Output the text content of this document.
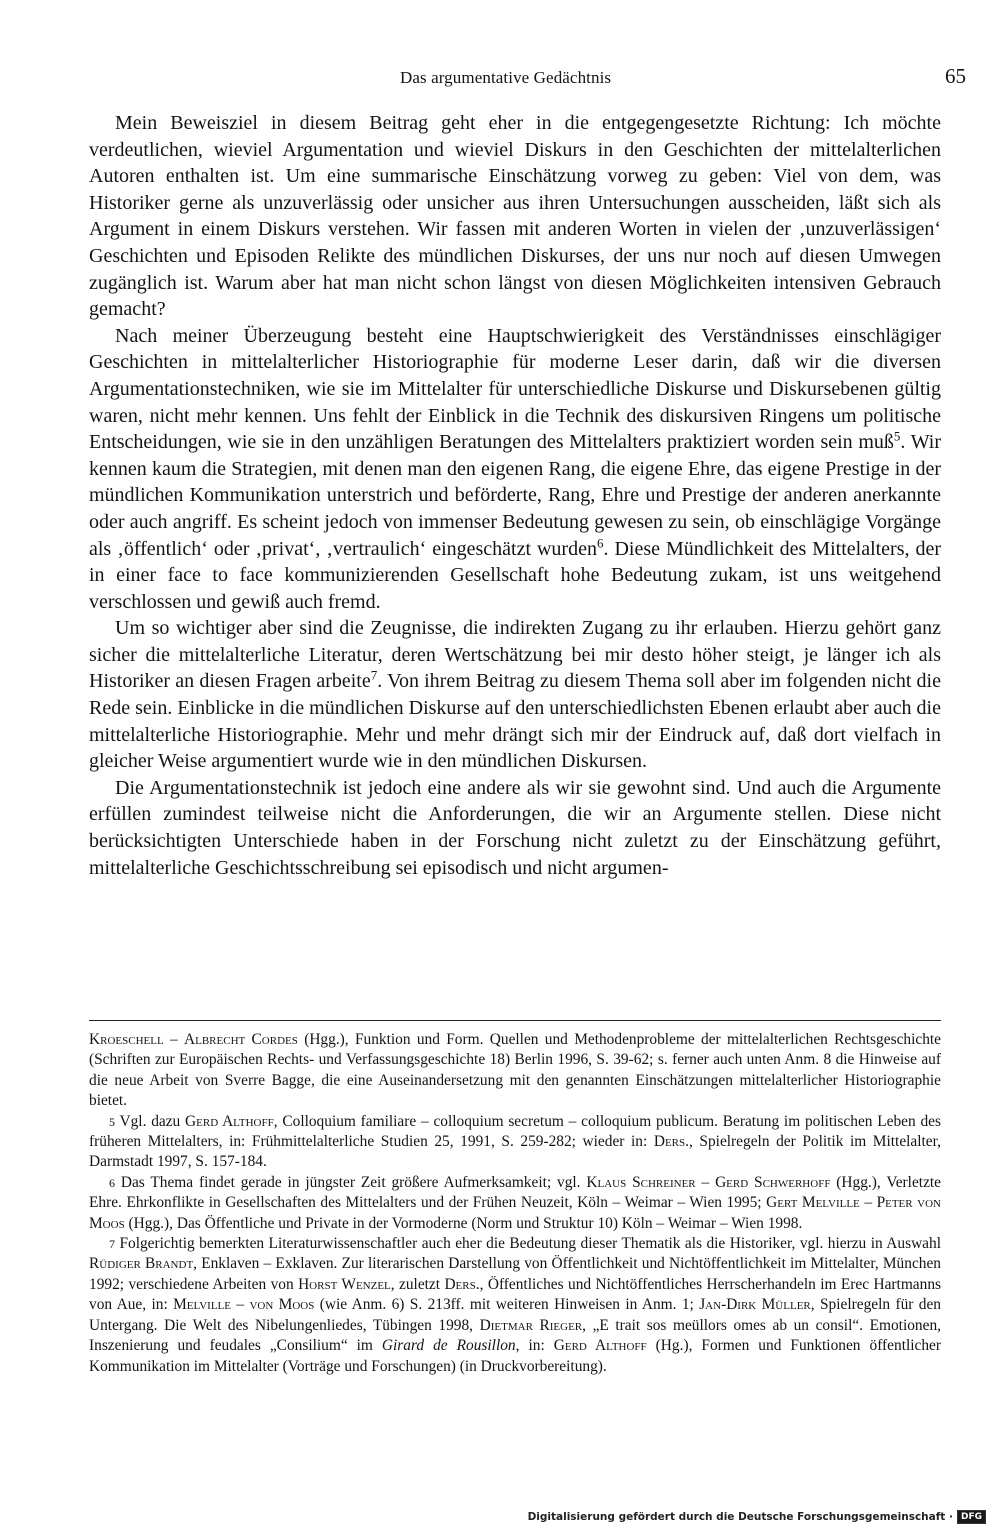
Das argumentative Gedächtnis	65

Mein Beweisziel in diesem Beitrag geht eher in die entgegengesetzte Richtung: Ich möchte verdeutlichen, wieviel Argumentation und wieviel Diskurs in den Geschichten der mittelalterlichen Autoren enthalten ist. Um eine summarische Einschätzung vorweg zu geben: Viel von dem, was Historiker gerne als unzuverlässig oder unsicher aus ihren Untersuchungen ausscheiden, läßt sich als Argument in einem Diskurs verstehen. Wir fassen mit anderen Worten in vielen der ‚unzuverlässigen‘ Geschichten und Episoden Relikte des mündlichen Diskurses, der uns nur noch auf diesen Umwegen zugänglich ist. Warum aber hat man nicht schon längst von diesen Möglichkeiten intensiven Gebrauch gemacht?

Nach meiner Überzeugung besteht eine Hauptschwierigkeit des Verständnisses einschlägiger Geschichten in mittelalterlicher Historiographie für moderne Leser darin, daß wir die diversen Argumentationstechniken, wie sie im Mittelalter für unterschiedliche Diskurse und Diskursebenen gültig waren, nicht mehr kennen. Uns fehlt der Einblick in die Technik des diskursiven Ringens um politische Entscheidungen, wie sie in den unzähligen Beratungen des Mittelalters praktiziert worden sein muß$^5$. Wir kennen kaum die Strategien, mit denen man den eigenen Rang, die eigene Ehre, das eigene Prestige in der mündlichen Kommunikation unterstrich und beförderte, Rang, Ehre und Prestige der anderen anerkannte oder auch angriff. Es scheint jedoch von immenser Bedeutung gewesen zu sein, ob einschlägige Vorgänge als ‚öffentlich‘ oder ‚privat‘, ‚vertraulich‘ eingeschätzt wurden$^6$. Diese Mündlichkeit des Mittelalters, der in einer face to face kommunizierenden Gesellschaft hohe Bedeutung zukam, ist uns weitgehend verschlossen und gewiß auch fremd.

Um so wichtiger aber sind die Zeugnisse, die indirekten Zugang zu ihr erlauben. Hierzu gehört ganz sicher die mittelalterliche Literatur, deren Wertschätzung bei mir desto höher steigt, je länger ich als Historiker an diesen Fragen arbeite$^7$. Von ihrem Beitrag zu diesem Thema soll aber im folgenden nicht die Rede sein. Einblicke in die mündlichen Diskurse auf den unterschiedlichsten Ebenen erlaubt aber auch die mittelalterliche Historiographie. Mehr und mehr drängt sich mir der Eindruck auf, daß dort vielfach in gleicher Weise argumentiert wurde wie in den mündlichen Diskursen.

Die Argumentationstechnik ist jedoch eine andere als wir sie gewohnt sind. Und auch die Argumente erfüllen zumindest teilweise nicht die Anforderungen, die wir an Argumente stellen. Diese nicht berücksichtigten Unterschiede haben in der Forschung nicht zuletzt zu der Einschätzung geführt, mittelalterliche Geschichtsschreibung sei episodisch und nicht argumen-

Kroeschell – Albrecht Cordes (Hgg.), Funktion und Form. Quellen und Methodenprobleme der mittelalterlichen Rechtsgeschichte (Schriften zur Europäischen Rechts- und Verfassungsgeschichte 18) Berlin 1996, S. 39-62; s. ferner auch unten Anm. 8 die Hinweise auf die neue Arbeit von Sverre Bagge, die eine Auseinandersetzung mit den genannten Einschätzungen mittelalterlicher Historiographie bietet.

5 Vgl. dazu Gerd Althoff, Colloquium familiare – colloquium secretum – colloquium publicum. Beratung im politischen Leben des früheren Mittelalters, in: Frühmittelalterliche Studien 25, 1991, S. 259-282; wieder in: Ders., Spielregeln der Politik im Mittelalter, Darmstadt 1997, S. 157-184.

6 Das Thema findet gerade in jüngster Zeit größere Aufmerksamkeit; vgl. Klaus Schreiner – Gerd Schwerhoff (Hgg.), Verletzte Ehre. Ehrkonflikte in Gesellschaften des Mittelalters und der Frühen Neuzeit, Köln – Weimar – Wien 1995; Gert Melville – Peter von Moos (Hgg.), Das Öffentliche und Private in der Vormoderne (Norm und Struktur 10) Köln – Weimar – Wien 1998.

7 Folgerichtig bemerkten Literaturwissenschaftler auch eher die Bedeutung dieser Thematik als die Historiker, vgl. hierzu in Auswahl Rüdiger Brandt, Enklaven – Exklaven. Zur literarischen Darstellung von Öffentlichkeit und Nichtöffentlichkeit im Mittelalter, München 1992; verschiedene Arbeiten von Horst Wenzel, zuletzt Ders., Öffentliches und Nichtöffentliches Herrscherhandeln im Erec Hartmanns von Aue, in: Melville – von Moos (wie Anm. 6) S. 213ff. mit weiteren Hinweisen in Anm. 1; Jan-Dirk Müller, Spielregeln für den Untergang. Die Welt des Nibelungenliedes, Tübingen 1998, Dietmar Rieger, „E trait sos meüllors omes ab un consil“. Emotionen, Inszenierung und feudales „Consilium“ im Girard de Rousillon, in: Gerd Althoff (Hg.), Formen und Funktionen öffentlicher Kommunikation im Mittelalter (Vorträge und Forschungen) (in Druckvorbereitung).

Digitalisierung gefördert durch die Deutsche Forschungsgemeinschaft · DFG
